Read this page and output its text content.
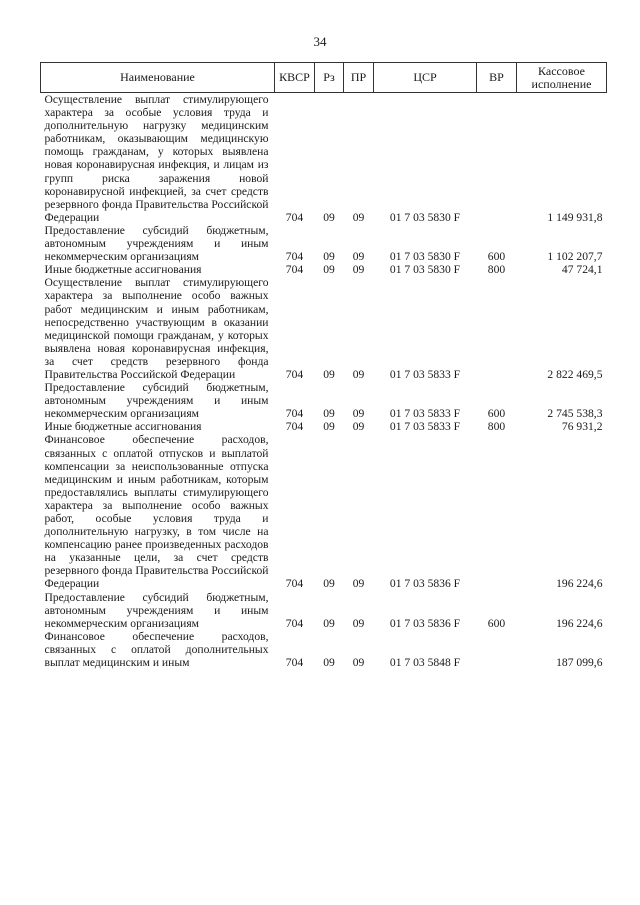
34
Наименование	КВСР	Рз	ПР	ЦСР	ВР	Кассовое исполнение
Осуществление выплат стимулирующего характера за особые условия труда и дополнительную нагрузку медицинским работникам, оказывающим медицинскую помощь гражданам, у которых выявлена новая коронавирусная инфекция, и лицам из групп риска заражения новой коронавирусной инфекцией, за счет средств резервного фонда Правительства Российской Федерации	704	09	09	01 7 03 5830 F		1 149 931,8
Предоставление субсидий бюджетным, автономным учреждениям и иным некоммерческим организациям	704	09	09	01 7 03 5830 F	600	1 102 207,7
Иные бюджетные ассигнования	704	09	09	01 7 03 5830 F	800	47 724,1
Осуществление выплат стимулирующего характера за выполнение особо важных работ медицинским и иным работникам, непосредственно участвующим в оказании медицинской помощи гражданам, у которых выявлена новая коронавирусная инфекция, за счет средств резервного фонда Правительства Российской Федерации	704	09	09	01 7 03 5833 F		2 822 469,5
Предоставление субсидий бюджетным, автономным учреждениям и иным некоммерческим организациям	704	09	09	01 7 03 5833 F	600	2 745 538,3
Иные бюджетные ассигнования	704	09	09	01 7 03 5833 F	800	76 931,2
Финансовое обеспечение расходов, связанных с оплатой отпусков и выплатой компенсации за неиспользованные отпуска медицинским и иным работникам, которым предоставлялись выплаты стимулирующего характера за выполнение особо важных работ, особые условия труда и дополнительную нагрузку, в том числе на компенсацию ранее произведенных расходов на указанные цели, за счет средств резервного фонда Правительства Российской Федерации	704	09	09	01 7 03 5836 F		196 224,6
Предоставление субсидий бюджетным, автономным учреждениям и иным некоммерческим организациям	704	09	09	01 7 03 5836 F	600	196 224,6
Финансовое обеспечение расходов, связанных с оплатой дополнительных выплат медицинским и иным	704	09	09	01 7 03 5848 F		187 099,6
